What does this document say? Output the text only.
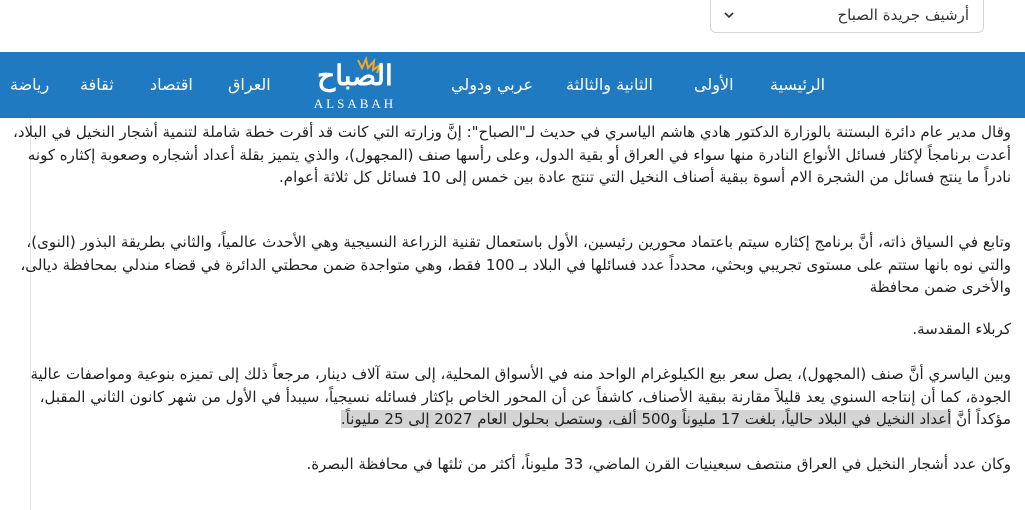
أرشيف جريدة الصباح
الرئيسية
الأولى
الثانية والثالثة
عربي ودولي
الصباح
ALSABAH
العراق
اقتصاد
ثقافة
رياضة

وقال مدير عام دائرة البستنة بالوزارة الدكتور هادي هاشم الياسري في حديث لـ"الصباح": إنَّ وزارته التي كانت قد أقرت خطة شاملة لتنمية أشجار النخيل في البلاد، أعدت برنامجاً لإكثار فسائل الأنواع النادرة منها سواء في العراق أو بقية الدول، وعلى رأسها صنف (المجهول)، والذي يتميز بقلة أعداد أشجاره وصعوبة إكثاره كونه نادراً ما ينتج فسائل من الشجرة الام أسوة ببقية أصناف النخيل التي تنتج عادة بين خمس إلى 10 فسائل كل ثلاثة أعوام.

وتابع في السياق ذاته، أنَّ برنامج إكثاره سيتم باعتماد محورين رئيسين، الأول باستعمال تقنية الزراعة النسيجية وهي الأحدث عالمياً، والثاني بطريقة البذور (النوى)، والتي نوه بانها ستتم على مستوى تجريبي وبحثي، محدداً عدد فسائلها في البلاد بـ 100 فقط، وهي متواجدة ضمن محطتي الدائرة في قضاء مندلي بمحافظة ديالى، والأخرى ضمن محافظة

كربلاء المقدسة.

وبين الياسري أنَّ صنف (المجهول)، يصل سعر بيع الكيلوغرام الواحد منه في الأسواق المحلية، إلى ستة آلاف دينار، مرجعاً ذلك إلى تميزه بنوعية ومواصفات عالية الجودة، كما أن إنتاجه السنوي يعد قليلاً مقارنة ببقية الأصناف، كاشفاً عن أن المحور الخاص بإكثار فسائله نسيجياً، سيبدأ في الأول من شهر كانون الثاني المقبل، مؤكداً أنَّ أعداد النخيل في البلاد حالياً، بلغت 17 مليوناً و500 ألف، وستصل بحلول العام 2027 إلى 25 مليوناً.

وكان عدد أشجار النخيل في العراق منتصف سبعينيات القرن الماضي، 33 مليوناً، أكثر من ثلثها في محافظة البصرة.
